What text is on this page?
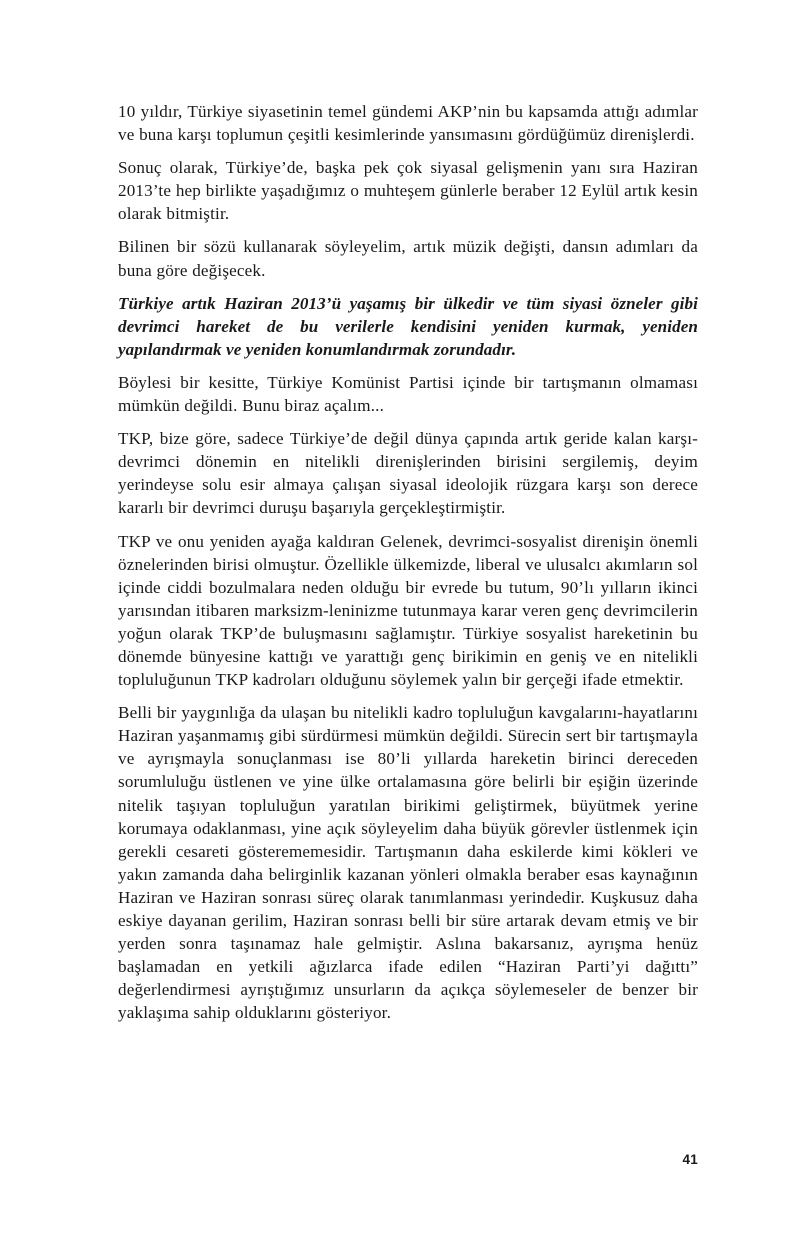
10 yıldır, Türkiye siyasetinin temel gündemi AKP’nin bu kapsamda attığı adımlar ve buna karşı toplumun çeşitli kesimlerinde yansımasını gördüğümüz direnişlerdi.

Sonuç olarak, Türkiye’de, başka pek çok siyasal gelişmenin yanı sıra Haziran 2013’te hep birlikte yaşadığımız o muhteşem günlerle beraber 12 Eylül artık kesin olarak bitmiştir.

Bilinen bir sözü kullanarak söyleyelim, artık müzik değişti, dansın adımları da buna göre değişecek.

Türkiye artık Haziran 2013’ü yaşamış bir ülkedir ve tüm siyasi özneler gibi devrimci hareket de bu verilerle kendisini yeniden kurmak, yeniden yapılandırmak ve yeniden konumlandırmak zorundadır.

Böylesi bir kesitte, Türkiye Komünist Partisi içinde bir tartışmanın olmaması mümkün değildi. Bunu biraz açalım...

TKP, bize göre, sadece Türkiye’de değil dünya çapında artık geride kalan karşı-devrimci dönemin en nitelikli direnişlerinden birisini sergilemiş, deyim yerindeyse solu esir almaya çalışan siyasal ideolojik rüzgara karşı son derece kararlı bir devrimci duruşu başarıyla gerçekleştirmiştir.

TKP ve onu yeniden ayağa kaldıran Gelenek, devrimci-sosyalist direnişin önemli öznelerinden birisi olmuştur. Özellikle ülkemizde, liberal ve ulusalcı akımların sol içinde ciddi bozulmalara neden olduğu bir evrede bu tutum, 90’lı yılların ikinci yarısından itibaren marksizm-leninizme tutunmaya karar veren genç devrimcilerin yoğun olarak TKP’de buluşmasını sağlamıştır. Türkiye sosyalist hareketinin bu dönemde bünyesine kattığı ve yarattığı genç birikimin en geniş ve en nitelikli topluluğunun TKP kadroları olduğunu söylemek yalın bir gerçeği ifade etmektir.

Belli bir yaygınlığa da ulaşan bu nitelikli kadro topluluğun kavgalarını-hayatlarını Haziran yaşanmamış gibi sürdürmesi mümkün değildi. Sürecin sert bir tartışmayla ve ayrışmayla sonuçlanması ise 80’li yıllarda hareketin birinci dereceden sorumluluğu üstlenen ve yine ülke ortalamasına göre belirli bir eşiğin üzerinde nitelik taşıyan topluluğun yaratılan birikimi geliştirmek, büyütmek yerine korumaya odaklanması, yine açık söyleyelim daha büyük görevler üstlenmek için gerekli cesareti gösterememesidir. Tartışmanın daha eskilerde kimi kökleri ve yakın zamanda daha belirginlik kazanan yönleri olmakla beraber esas kaynağının Haziran ve Haziran sonrası süreç olarak tanımlanması yerindedir. Kuşkusuz daha eskiye dayanan gerilim, Haziran sonrası belli bir süre artarak devam etmiş ve bir yerden sonra taşınamaz hale gelmiştir. Aslına bakarsanız, ayrışma henüz başlamadan en yetkili ağızlarca ifade edilen “Haziran Parti’yi dağıttı” değerlendirmesi ayrıştığımız unsurların da açıkça söylemeseler de benzer bir yaklaşıma sahip olduklarını gösteriyor.

41
